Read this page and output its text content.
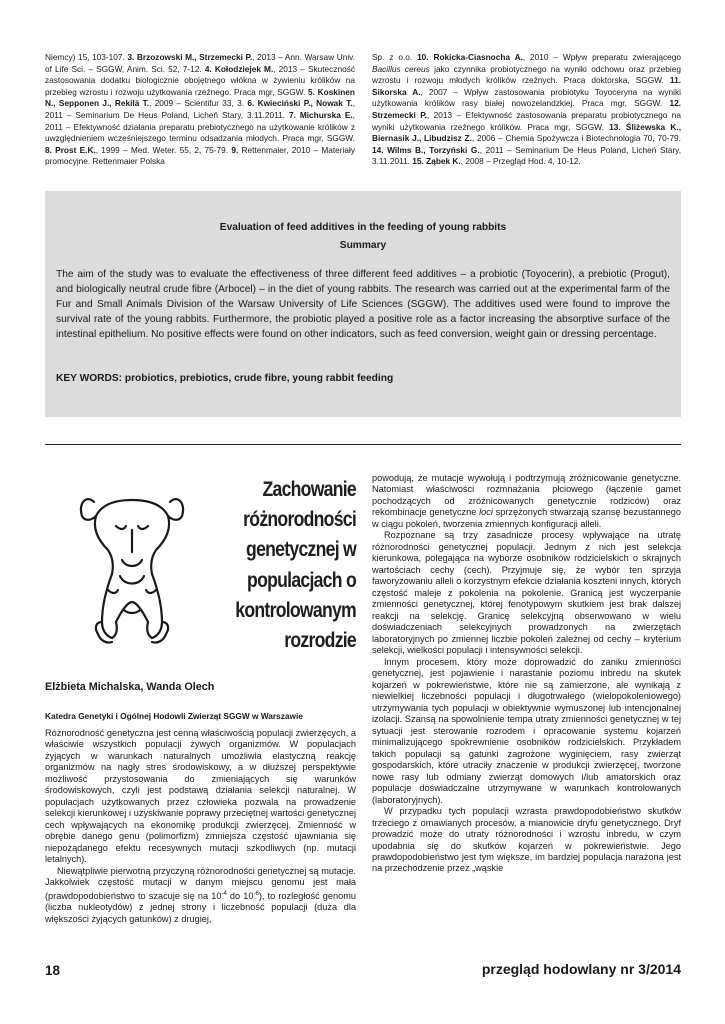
Niemcy) 15, 103-107. 3. Brzozowski M., Strzemecki P., 2013 – Ann. Warsaw Univ. of Life Sci. – SGGW, Anim. Sci. 52, 7-12. 4. Kołodziejek M., 2013 – Skuteczność zastosowania dodatku biologicznie obojętnego włókna w żywieniu królików na przebieg wzrostu i rozwoju użytkowania rzeźnego. Praca mgr, SGGW. 5. Koskinen N., Sepponen J., Rekilä T., 2009 – Scientifur 33, 3. 6. Kwieciński P., Nowak T., 2011 – Seminarium De Heus Poland, Licheń Stary, 3.11.2011. 7. Michurska E., 2011 – Efektywność działania preparatu prebiotycznego na użytkowanie królików z uwzględnieniem wcześniejszego terminu odsadzania młodych. Praca mgr, SGGW. 8. Prost E.K., 1999 – Med. Weter. 55, 2, 75-79. 9. Rettenmaier, 2010 – Materiały promocyjne. Rettenmaier Polska

Sp. z o.o. 10. Rokicka-Ciasnocha A., 2010 – Wpływ preparatu zwierającego Bacillus cereus jako czynnika probiotycznego na wyniki odchowu oraz przebieg wzrostu i rozwoju młodych królików rzeźnych. Praca doktorska, SGGW. 11. Sikorska A., 2007 – Wpływ zastosowania probiotyku Toyoceryna na wyniki użytkowania królików rasy białej nowozelandzkiej. Praca mgr, SGGW. 12. Strzemecki P., 2013 – Efektywność zastosowania preparatu probiotycznego na wyniki użytkowania rzeźnego królików. Praca mgr, SGGW. 13. Śliżewska K., Biernasik J., Libudzisz Z., 2006 – Chemia Spożywcza i Biotechnologia 70, 70-79. 14. Wilms B., Torzyński G., 2011 – Seminarium De Heus Poland, Licheń Stary, 3.11.2011. 15. Ząbek K., 2008 – Przegląd Hod. 4, 10-12.

Evaluation of feed additives in the feeding of young rabbits
Summary

The aim of the study was to evaluate the effectiveness of three different feed additives – a probiotic (Toyocerin), a prebiotic (Progut), and biologically neutral crude fibre (Arbocel) – in the diet of young rabbits. The research was carried out at the experimental farm of the Fur and Small Animals Division of the Warsaw University of Life Sciences (SGGW). The additives used were found to improve the survival rate of the young rabbits. Furthermore, the probiotic played a positive role as a factor increasing the absorptive surface of the intestinal epithelium. No positive effects were found on other indicators, such as feed conversion, weight gain or dressing percentage.

KEY WORDS: probiotics, prebiotics, crude fibre, young rabbit feeding

Zachowanie różnorodności genetycznej w populacjach o kontrolowanym rozrodzie

Elżbieta Michalska, Wanda Olech

Katedra Genetyki i Ogólnej Hodowli Zwierząt SGGW w Warszawie

Różnorodność genetyczna jest cenną właściwością populacji zwierzęcych, a właściwie wszystkich populacji żywych organizmów. W populacjach żyjących w warunkach naturalnych umożliwia elastyczną reakcję organizmów na nagły stres środowiskowy, a w dłuższej perspektywie możliwość przystosowania do zmieniających się warunków środowiskowych, czyli jest podstawą działania selekcji naturalnej. W populacjach użytkowanych przez człowieka pozwala na prowadzenie selekcji kierunkowej i uzyskiwanie poprawy przeciętnej wartości genetycznej cech wpływających na ekonomikę produkcji zwierzęcej. Zmienność w obrębie danego genu (polimorfizm) zmniejsza częstość ujawniania się niepożądanego efektu recesywnych mutacji szkodliwych (np. mutacji letalnych).

Niewątpliwie pierwotną przyczyną różnorodności genetycznej są mutacje. Jakkolwiek częstość mutacji w danym miejscu genomu jest mała (prawdopodobieństwo to szacuje się na $10^{-4}$ do $10^{-6}$), to rozległość genomu (liczba nukleotydów) z jednej strony i liczebność populacji (duża dla większości żyjących gatunków) z drugiej,

powodują, że mutacje wywołują i podtrzymują zróżnicowanie genetyczne. Natomiast właściwości rozmnażania płciowego (łączenie gamet pochodzących od zróżnicowanych genetycznie rodziców) oraz rekombinacje genetyczne loci sprzężonych stwarzają szansę bezustannego w ciągu pokoleń, tworzenia zmiennych konfiguracji alleli.

Rozpoznane są trzy zasadnicze procesy wpływające na utratę różnorodności genetycznej populacji. Jednym z nich jest selekcja kierunkowa, polegająca na wyborze osobników rodzicielskich o skrajnych wartościach cechy (cech). Przyjmuje się, że wybór ten sprzyja faworyzowaniu alleli o korzystnym efekcie działania koszteni innych, których częstość maleje z pokolenia na pokolenie. Granicą jest wyczerpanie zmienności genetycznej, której fenotypowym skutkiem jest brak dalszej reakcji na selekcję. Granicę selekcyjną obserwowano w wielu doświadczeniach selekcyjnych prowadzonych na zwierzętach laboratoryjnych po zmiennej liczbie pokoleń zależnej od cechy – kryterium selekcji, wielkości populacji i intensywności selekcji.

Innym procesem, który może doprowadzić do zaniku zmienności genetycznej, jest pojawienie i narastanie poziomu inbredu na skutek kojarzeń w pokrewieństwie, które nie są zamierzone, ale wynikają z niewielkiej liczebności populacji i długotrwałego (wielopokoleniowego) utrzymywania tych populacji w obiektywnie wymuszonej lub intencjonalnej izolacji. Szansą na spowolnienie tempa utraty zmienności genetycznej w tej sytuacji jest sterowanie rozrodem i opracowanie systemu kojarzeń minimalizującego spokrewnienie osobników rodzicielskich. Przykładem takich populacji są gatunki zagrożone wyginięciem, rasy zwierząt gospodarskich, które utraciły znaczenie w produkcji zwierzęcej, tworzone nowe rasy lub odmiany zwierząt domowych i/lub amatorskich oraz populacje doświadczalne utrzymywane w warunkach kontrolowanych (laboratoryjnych).

W przypadku tych populacji wzrasta prawdopodobieństwo skutków trzeciego z omawianych procesów, a mianowicie dryfu genetycznego. Dryf prowadzić może do utraty różnorodności i wzrostu inbredu, w czym upodabnia się do skutków kojarzeń w pokrewieństwie. Jego prawdopodobieństwo jest tym większe, im bardziej populacja narażona jest na przechodzenie przez „wąskie

18	przegląd hodowlany nr 3/2014
